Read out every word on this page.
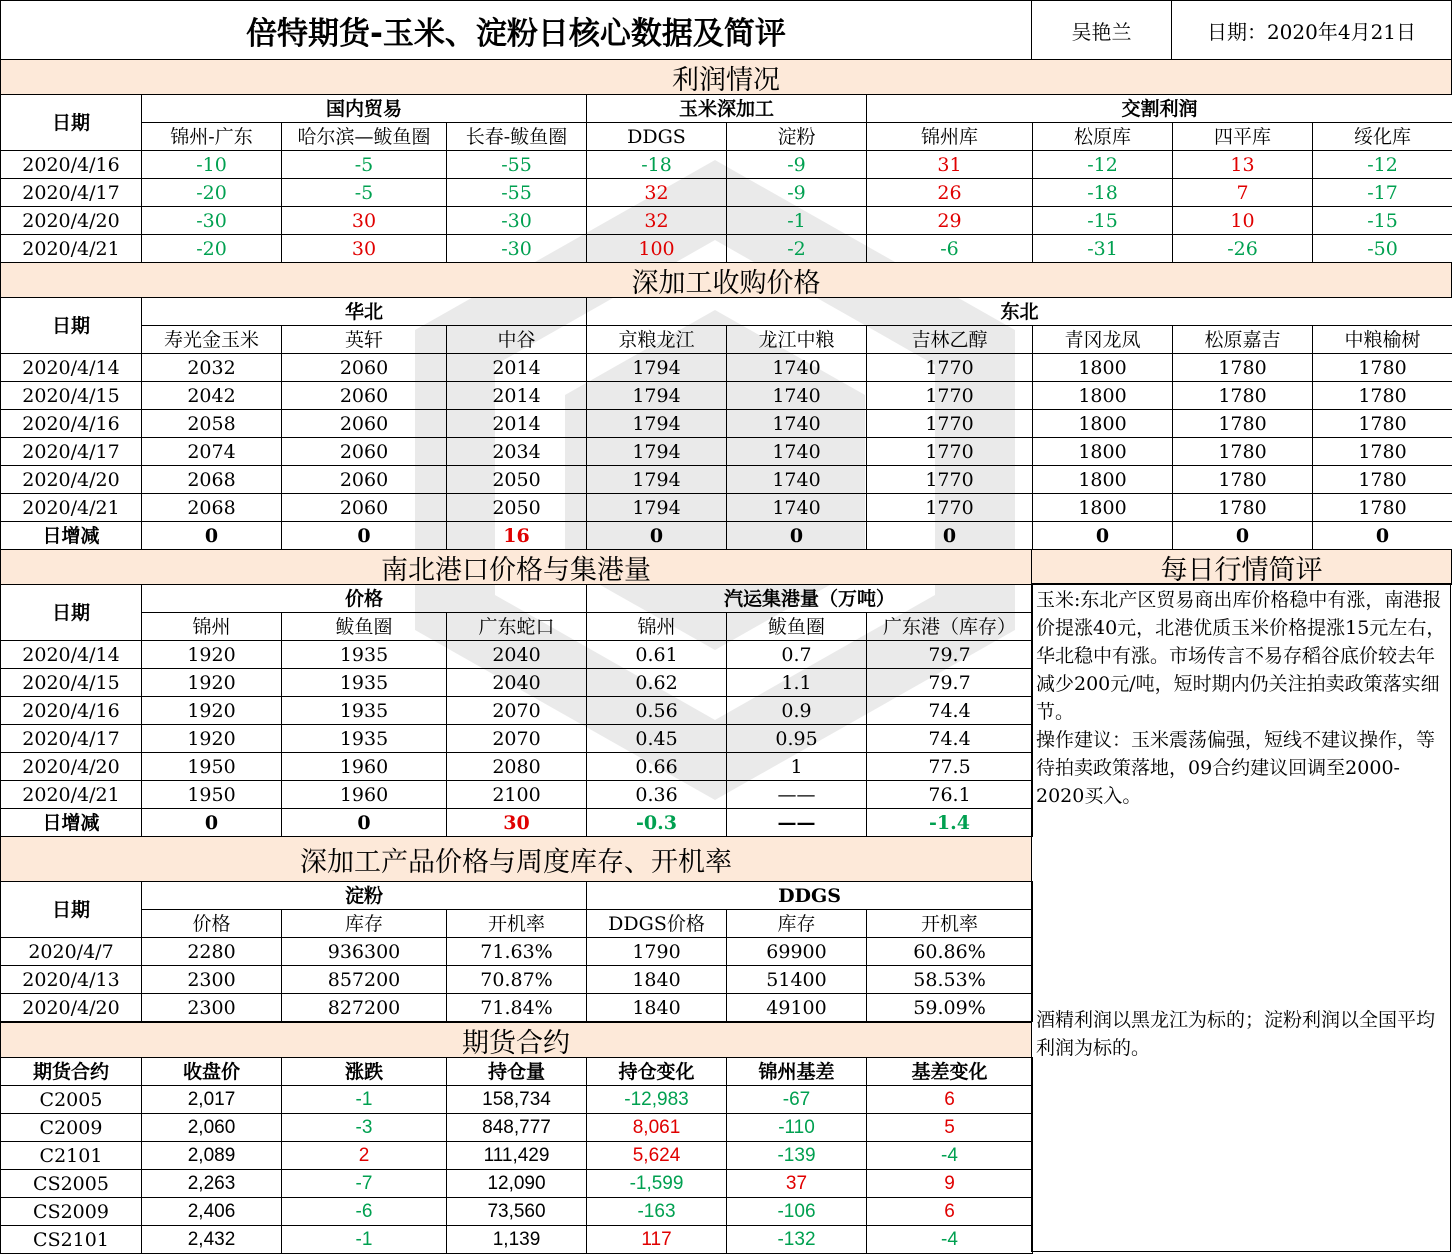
倍特期货-玉米、淀粉日核心数据及简评	吴艳兰	日期：2020年4月21日
利润情况
日期	国内贸易			玉米深加工		交割利润			
	锦州-广东	哈尔滨—鲅鱼圈	长春-鲅鱼圈	DDGS	淀粉	锦州库	松原库	四平库	绥化库
2020/4/16	-10	-5	-55	-18	-9	31	-12	13	-12
2020/4/17	-20	-5	-55	32	-9	26	-18	7	-17
2020/4/20	-30	30	-30	32	-1	29	-15	10	-15
2020/4/21	-20	30	-30	100	-2	-6	-31	-26	-50
深加工收购价格
日期	华北			东北					
	寿光金玉米	英轩	中谷	京粮龙江	龙江中粮	吉林乙醇	青冈龙凤	松原嘉吉	中粮榆树
2020/4/14	2032	2060	2014	1794	1740	1770	1800	1780	1780
2020/4/15	2042	2060	2014	1794	1740	1770	1800	1780	1780
2020/4/16	2058	2060	2014	1794	1740	1770	1800	1780	1780
2020/4/17	2074	2060	2034	1794	1740	1770	1800	1780	1780
2020/4/20	2068	2060	2050	1794	1740	1770	1800	1780	1780
2020/4/21	2068	2060	2050	1794	1740	1770	1800	1780	1780
日增减	0	0	16	0	0	0	0	0	0
南北港口价格与集港量	每日行情简评
日期	价格			汽运集港量（万吨）		
	锦州	鲅鱼圈	广东蛇口	锦州	鲅鱼圈	广东港（库存）
2020/4/14	1920	1935	2040	0.61	0.7	79.7
2020/4/15	1920	1935	2040	0.62	1.1	79.7
2020/4/16	1920	1935	2070	0.56	0.9	74.4
2020/4/17	1920	1935	2070	0.45	0.95	74.4
2020/4/20	1950	1960	2080	0.66	1	77.5
2020/4/21	1950	1960	2100	0.36	——	76.1
日增减	0	0	30	-0.3	——	-1.4
深加工产品价格与周度库存、开机率
日期	淀粉			DDGS		
	价格	库存	开机率	DDGS价格	库存	开机率
2020/4/7	2280	936300	71.63%	1790	69900	60.86%
2020/4/13	2300	857200	70.87%	1840	51400	58.53%
2020/4/20	2300	827200	71.84%	1840	49100	59.09%
期货合约
期货合约	收盘价	涨跌	持仓量	持仓变化	锦州基差	基差变化
C2005	2,017	-1	158,734	-12,983	-67	6
C2009	2,060	-3	848,777	8,061	-110	5
C2101	2,089	2	111,429	5,624	-139	-4
CS2005	2,263	-7	12,090	-1,599	37	9
CS2009	2,406	-6	73,560	-163	-106	6
CS2101	2,432	-1	1,139	117	-132	-4

玉米:东北产区贸易商出库价格稳中有涨，南港报价提涨40元，北港优质玉米价格提涨15元左右，华北稳中有涨。市场传言不易存稻谷底价较去年减少200元/吨，短时期内仍关注拍卖政策落实细节。

操作建议：玉米震荡偏强，短线不建议操作，等待拍卖政策落地，09合约建议回调至2000-2020买入。

酒精利润以黑龙江为标的；淀粉利润以全国平均利润为标的。
